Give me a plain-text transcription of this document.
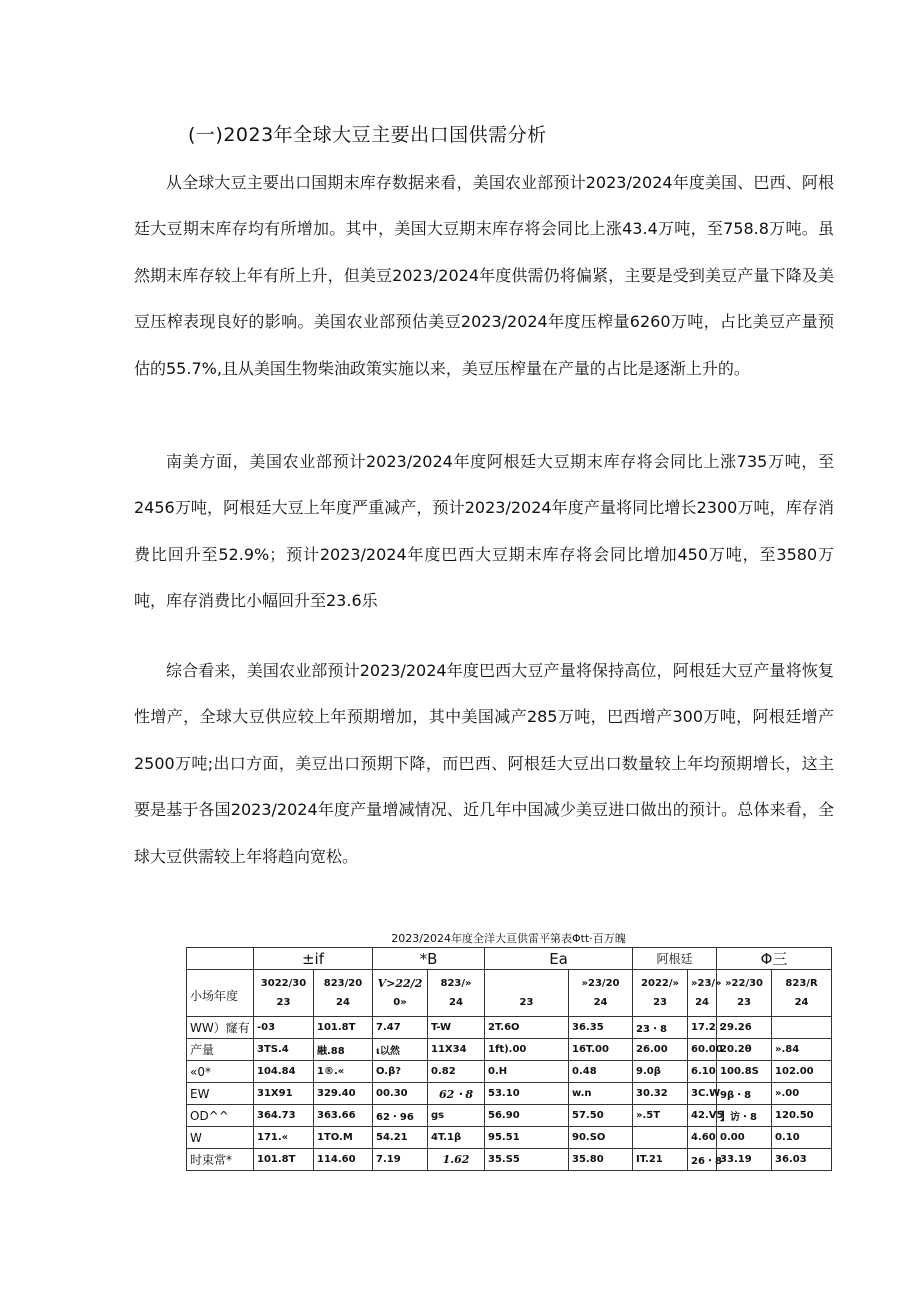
(一)2023年全球大豆主要出口国供需分析

从全球大豆主要出口国期末库存数据来看，美国农业部预计2023/2024年度美国、巴西、阿根廷大豆期末库存均有所增加。其中，美国大豆期末库存将会同比上涨43.4万吨，至758.8万吨。虽然期末库存较上年有所上升，但美豆2023/2024年度供需仍将偏紧，主要是受到美豆产量下降及美豆压榨表现良好的影响。美国农业部预估美豆2023/2024年度压榨量6260万吨，占比美豆产量预估的55.7%,且从美国生物柴油政策实施以来，美豆压榨量在产量的占比是逐渐上升的。

南美方面，美国农业部预计2023/2024年度阿根廷大豆期末库存将会同比上涨735万吨，至2456万吨，阿根廷大豆上年度严重减产，预计2023/2024年度产量将同比增长2300万吨，库存消费比回升至52.9%；预计2023/2024年度巴西大豆期末库存将会同比增加450万吨，至3580万吨，库存消费比小幅回升至23.6乐

综合看来，美国农业部预计2023/2024年度巴西大豆产量将保持高位，阿根廷大豆产量将恢复性增产，全球大豆供应较上年预期增加，其中美国减产285万吨，巴西增产300万吨，阿根廷增产2500万吨;出口方面，美豆出口预期下降，而巴西、阿根廷大豆出口数量较上年均预期增长，这主要是基于各国2023/2024年度产量增减情况、近几年中国减少美豆进口做出的预计。总体来看，全球大豆供需较上年将趋向宽松。

2023/2024年度全洋大亘供雷平第表Φtt·百万魄
	±if		*B		Ea		阿根廷		Φ三	
小场年度	3022/30	823/20	V>22/2	823/»		»23/20	2022/»	»23/»	»22/30	823/R
	23	24	0»	24	23	24	23	24	23	24
WW）窿有	-03	101.8T	7.47	T-W	2T.6O	36.35	23・8	17.2 :	29.26	
产量	3TS.4	融.88	ι以然	11X34	1ft).00	16T.00	26.00	60.00	20.2θ	».84
«0*	104.84	1®.«	O.β?	0.82	0.H	0.48	9.0β	6.10	100.8S	102.00
EW	31X91	329.40	00.30	62・8	53.10	w.n	30.32	3C.W	9β・8	».00
OD^^	364.73	363.66	62・96	gs	56.90	57.50	».5T	42.V5	】访・8	120.50
W	171.«	1TO.M	54.21	4T.1β	95.51	90.SO		4.60	0.00	0.10
时束常*	101.8T	114.60	7.19	1.62	35.S5	35.80	IT.21	26・8	33.19	36.03
